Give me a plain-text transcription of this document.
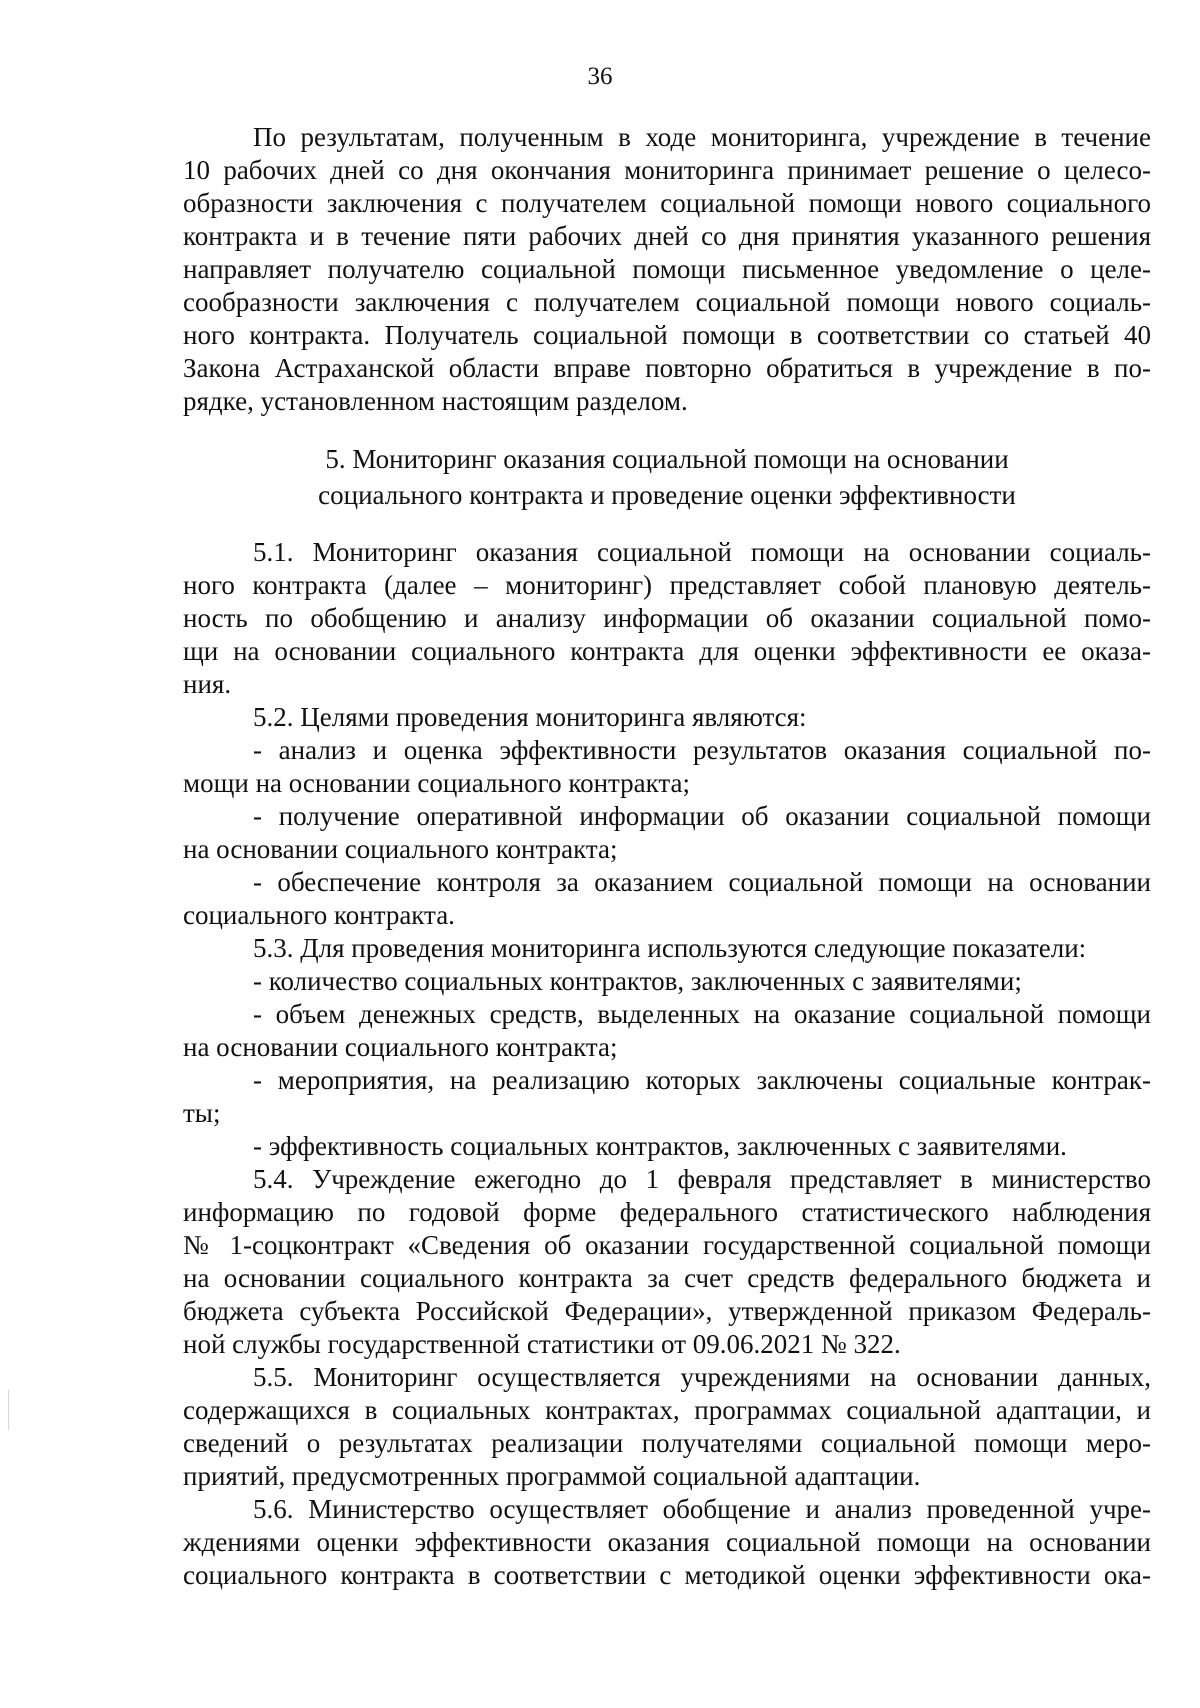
36
По результатам, полученным в ходе мониторинга, учреждение в течение
10 рабочих дней со дня окончания мониторинга принимает решение о целесо-
образности заключения с получателем социальной помощи нового социального
контракта и в течение пяти рабочих дней со дня принятия указанного решения
направляет получателю социальной помощи письменное уведомление о целе-
сообразности заключения с получателем социальной помощи нового социаль-
ного контракта. Получатель социальной помощи в соответствии со статьей 40
Закона Астраханской области вправе повторно обратиться в учреждение в по-
рядке, установленном настоящим разделом.
5. Мониторинг оказания социальной помощи на основании
социального контракта и проведение оценки эффективности
5.1. Мониторинг оказания социальной помощи на основании социаль-
ного контракта (далее – мониторинг) представляет собой плановую деятель-
ность по обобщению и анализу информации об оказании социальной помо-
щи на основании социального контракта для оценки эффективности ее оказа-
ния.
5.2. Целями проведения мониторинга являются:
- анализ и оценка эффективности результатов оказания социальной по-
мощи на основании социального контракта;
- получение оперативной информации об оказании социальной помощи
на основании социального контракта;
- обеспечение контроля за оказанием социальной помощи на основании
социального контракта.
5.3. Для проведения мониторинга используются следующие показатели:
- количество социальных контрактов, заключенных с заявителями;
- объем денежных средств, выделенных на оказание социальной помощи
на основании социального контракта;
- мероприятия, на реализацию которых заключены социальные контрак-
ты;
- эффективность социальных контрактов, заключенных с заявителями.
5.4. Учреждение ежегодно до 1 февраля представляет в министерство
информацию по годовой форме федерального статистического наблюдения
№ 1-соцконтракт «Сведения об оказании государственной социальной помощи
на основании социального контракта за счет средств федерального бюджета и
бюджета субъекта Российской Федерации», утвержденной приказом Федераль-
ной службы государственной статистики от 09.06.2021 № 322.
5.5. Мониторинг осуществляется учреждениями на основании данных,
содержащихся в социальных контрактах, программах социальной адаптации, и
сведений о результатах реализации получателями социальной помощи меро-
приятий, предусмотренных программой социальной адаптации.
5.6. Министерство осуществляет обобщение и анализ проведенной учре-
ждениями оценки эффективности оказания социальной помощи на основании
социального контракта в соответствии с методикой оценки эффективности ока-
